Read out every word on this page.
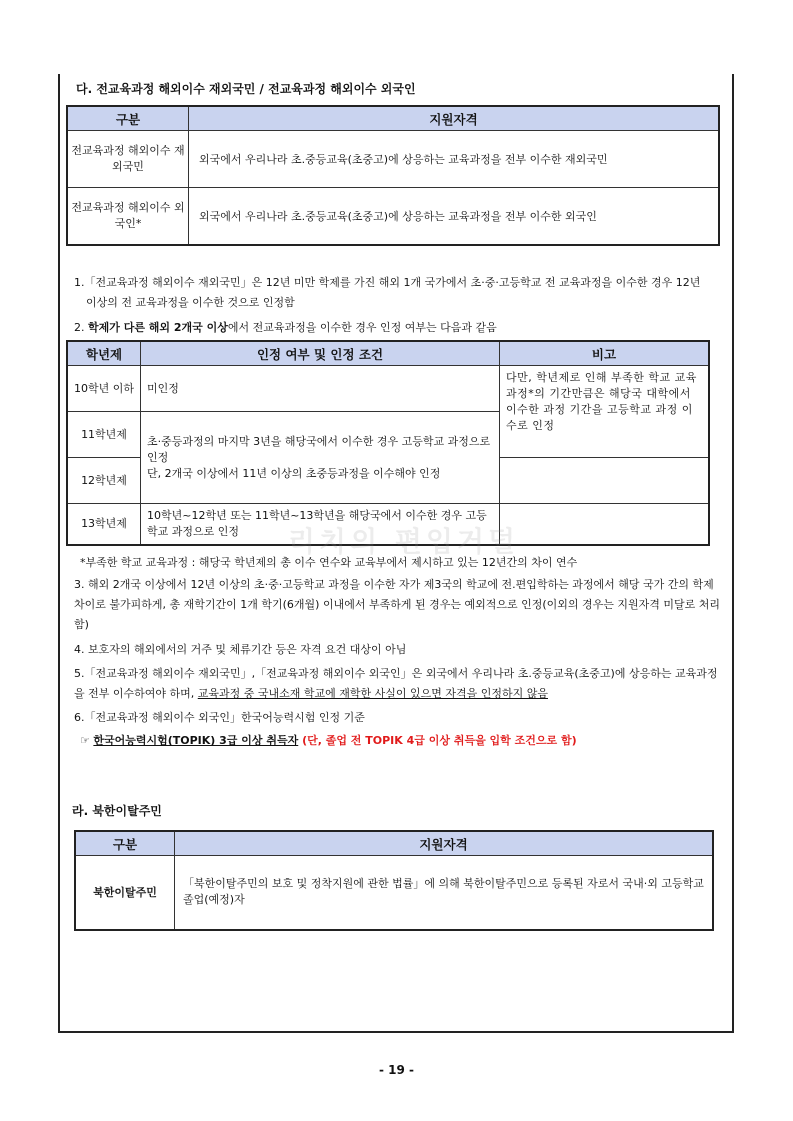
다. 전교육과정 해외이수 재외국민 / 전교육과정 해외이수 외국인
구분	지원자격
전교육과정 해외이수 재외국민	외국에서 우리나라 초.중등교육(초중고)에 상응하는 교육과정을 전부 이수한 재외국민
전교육과정 해외이수 외국인*	외국에서 우리나라 초.중등교육(초중고)에 상응하는 교육과정을 전부 이수한 외국인
1.「전교육과정 해외이수 재외국민」은 12년 미만 학제를 가진 해외 1개 국가에서 초·중·고등학교 전 교육과정을 이수한 경우 12년
이상의 전 교육과정을 이수한 것으로 인정함
2. 학제가 다른 해외 2개국 이상에서 전교육과정을 이수한 경우 인정 여부는 다음과 같음
학년제	인정 여부 및 인정 조건	비고
10학년 이하	미인정	다만, 학년제로 인해 부족한 학교 교육과정*의 기간만큼은 해당국 대학에서 이수한 과정 기간을 고등학교 과정 이수로 인정
11학년제	초·중등과정의 마지막 3년을 해당국에서 이수한 경우 고등학교 과정으로 인정
단, 2개국 이상에서 11년 이상의 초중등과정을 이수해야 인정	

12학년제		
13학년제	10학년~12학년 또는 11학년~13학년을 해당국에서 이수한 경우 고등학교 과정으로 인정	리치의 편입거덜
*부족한 학교 교육과정 : 해당국 학년제의 총 이수 연수와 교육부에서 제시하고 있는 12년간의 차이 연수
3. 해외 2개국 이상에서 12년 이상의 초·중·고등학교 과정을 이수한 자가 제3국의 학교에 전.편입학하는 과정에서 해당 국가 간의 학제차이로 불가피하게, 총 재학기간이 1개 학기(6개월) 이내에서 부족하게 된 경우는 예외적으로 인정(이외의 경우는 지원자격 미달로 처리함)
4. 보호자의 해외에서의 거주 및 체류기간 등은 자격 요건 대상이 아님
5.「전교육과정 해외이수 재외국민」,「전교육과정 해외이수 외국인」은 외국에서 우리나라 초.중등교육(초중고)에 상응하는 교육과정을 전부 이수하여야 하며, 교육과정 중 국내소재 학교에 재학한 사실이 있으면 자격을 인정하지 않음
6.「전교육과정 해외이수 외국인」한국어능력시험 인정 기준
☞ 한국어능력시험(TOPIK) 3급 이상 취득자 (단, 졸업 전 TOPIK 4급 이상 취득을 입학 조건으로 함)
라. 북한이탈주민
구분	지원자격
북한이탈주민	「북한이탈주민의 보호 및 정착지원에 관한 법률」에 의해 북한이탈주민으로 등록된 자로서 국내·외 고등학교 졸업(예정)자
- 19 -
